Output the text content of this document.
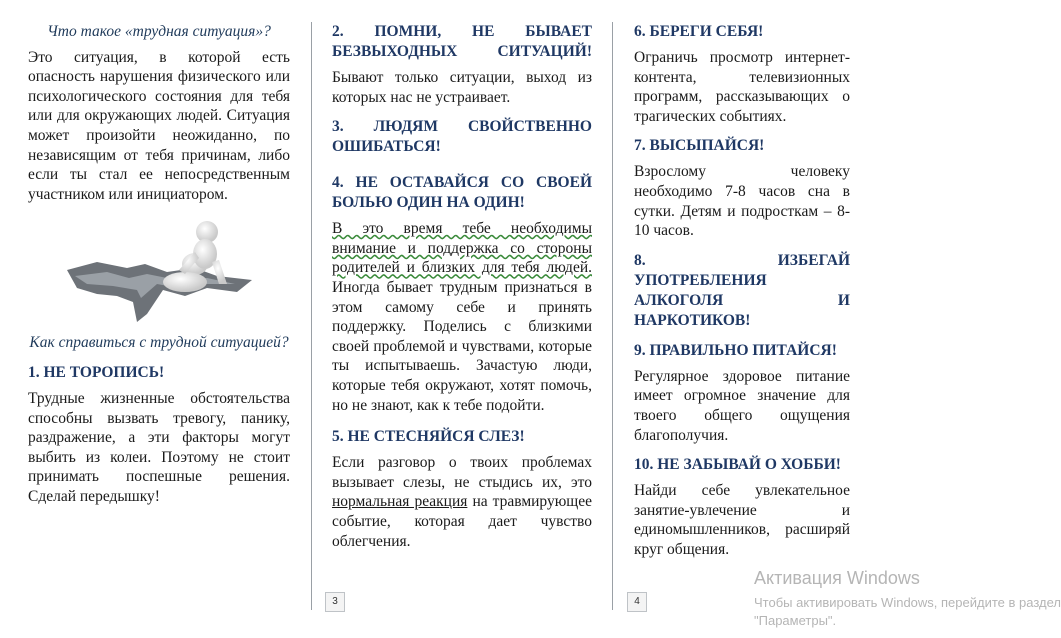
Что такое «трудная ситуация»?

Это ситуация, в которой есть опасность нарушения физического или психологического состояния для тебя или для окружающих людей. Ситуация может произойти неожиданно, по независящим от тебя причинам, либо если ты стал ее непосредственным участником или инициатором.

Как справиться с трудной ситуацией?

1. НЕ ТОРОПИСЬ!

Трудные жизненные обстоятельства способны вызвать тревогу, панику, раздражение, а эти факторы могут выбить из колеи. Поэтому не стоит принимать поспешные решения. Сделай передышку!

2. ПОМНИ, НЕ БЫВАЕТ БЕЗВЫХОДНЫХ СИТУАЦИЙ!

Бывают только ситуации, выход из которых нас не устраивает.

3. ЛЮДЯМ СВОЙСТВЕННО ОШИБАТЬСЯ!
4. НЕ ОСТАВАЙСЯ СО СВОЕЙ БОЛЬЮ ОДИН НА ОДИН!

В это время тебе необходимы внимание и поддержка со стороны родителей и близких для тебя людей. Иногда бывает трудным признаться в этом самому себе и принять поддержку. Поделись с близкими своей проблемой и чувствами, которые ты испытываешь. Зачастую люди, которые тебя окружают, хотят помочь, но не знают, как к тебе подойти.

5. НЕ СТЕСНЯЙСЯ СЛЕЗ!

Если разговор о твоих проблемах вызывает слезы, не стыдись их, это нормальная реакция на травмирующее событие, которая дает чувство облегчения.

6. БЕРЕГИ СЕБЯ!

Ограничь просмотр интернет-контента, телевизионных программ, рассказывающих о трагических событиях.

7. ВЫСЫПАЙСЯ!

Взрослому человеку необходимо 7-8 часов сна в сутки. Детям и подросткам – 8-10 часов.

8. ИЗБЕГАЙ УПОТРЕБЛЕНИЯ АЛКОГОЛЯ И НАРКОТИКОВ!
9. ПРАВИЛЬНО ПИТАЙСЯ!

Регулярное здоровое питание имеет огромное значение для твоего общего ощущения благополучия.

10. НЕ ЗАБЫВАЙ О ХОББИ!

Найди себе увлекательное занятие-увлечение и единомышленников, расширяй круг общения.

3	4
Активация Windows
Чтобы активировать Windows, перейдите в раздел
"Параметры".
